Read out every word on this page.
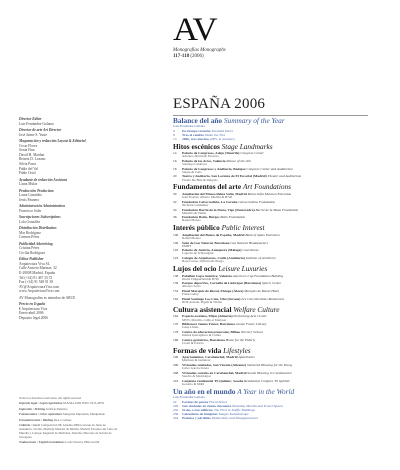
AV
Monografías Monographs
117-118 (2006)
ESPAÑA 2006
Director Editor
Luis Fernández-Galiano
Director de arte Art Director
José Jaime S. Yuste
Maquetación y redacción Layout & Editorial
Cecar Flores
Sonia Fina
David H. Mardan
Beatriz D. Lozano
Silvia Parra
Pablo del Val
Pablo Oriol
Ayudante de redacción Assistant
Laura Mulas
Producción Production
Laura González
Jesús Paunero
Administración Administration
Francisco Soler
Suscripciones Subscriptions
Lola González
Distribución Distribution
Mar Rodríguez
Carmen Pérez
Publicidad Advertising
Cristina Pérez
Cecilia Rodríguez
Editor Publisher
Arquitectura Viva SL
Calle Aniceto Marinas, 32
E-28008 Madrid, España
Tel (+34) 91 467 33 72
Fax (+34) 91 548 01 39
AV@ArquitecturaViva.com
www.ArquitecturaViva.com
AV Monografías es miembro de ARCE
Precio en España
€ Arquitectura Viva
Enero-abril 2006
Deposito legal 2006

Todos los derechos reservados. All rights reserved

Depósito legal / Legal registration M-8.944-1984 ISSN: 0213-487X

Impresión / Printing Gráficas Palermo

Fotomecánica / Color separations Margarita Impresión, Manipulado

Encuadernación / Binding Ra-Lo Gómez

Cubierta / Cover Composición 08, Ariadna 2006 (cortesía de Junta de Andalucía, Sevilla, Madrid); Mirador de Mérida, Madrid; Escalera del Cubo de Muralla y Consejo Regional de Medicina, Tenerife; Mercado de Sobrón de Tarragona

Traducciones / English translations Lorna Weaver, Hilie Gurlitt

Balance del año Summary of the Year
Luis Fernández-Galiano
4	En tiempo revuelto Troubled Times
8	Tras el cambio Shake the Tree
13	2006, tras muchos 2005, in summary
Hitos escénicos Stage Landmarks
14	Palacio de Congresos, Adeje (Tenerife) Congress Center
Arbeiter, Martín & Potrecio
16	Palacio de las Artes, Valencia Palace of the Arts
Santiago Calatrava
18	Palacio de Congresos y Auditorio, Badajoz Congress Center and Auditorium
Selgas & Cano
20	Teatro y Auditorio, San Lorenzo de El Escorial (Madrid) Theater and Auditorium
Picado De Blas & Delgado
Fundamentos del arte Art Foundations
30	Ampliación del Museo Reina Sofía, Madrid Reina Sofía Museum Extension
Jean Nouvel, Alberto Medina & B720
32	Fundación Caixa Galicia, La Coruña Caixa Galicia Foundation
Nicholas Grimshaw
34	Fundación Barrié de la Maza, Vigo (Pontevedra) Barrié de la Maza Foundation
Mansilla & Tuñón
36	Fundación Botín, Burgos Botín Foundation
Rafael Moneo
Interés público Public Interest
100	Ampliación del Banco de España, Madrid Bank of Spain Extension
Rafael Moneo
106	Sede de Gas Natural, Barcelona Gas Natural Headquarters
EMBT
116	Palacio de Justicia, Antequera (Málaga) Courthouse
Logroño & Schreurgam
122	Colegio de Arquitectos, Cádiz (Andalucía) Institute of Architects
Bosé Larrea, Oliveira & Ortega
Lujos del ocio Leisure Luxuries
138	Pabellón Copa América, Valencia America's Cup Foundation Building
David Chipperfield & B720
139	Parque deportivo, Cornellà de Llobregat (Barcelona) Sports Center
Alfonso Soria
152	Hotel Marqués de Riscal, Elciego (Álava) Marqués de Riscal Hotel
Frank Gehry
162	Hotel Santiago Los Colo, Olot (Girona) Les Cols Pavilions Restaurant
RCR Aranda, Pigem & Vilalta
Cultura asistencial Welfare Culture
162	Espacio escénico, Mijas (Almería) Performing Arts Center
MVN, Marcilio, Gilis et Marisset
170	Biblioteca Jaume Fuster, Barcelona Jaume Fuster Library
Josep Llinàs
178	Centro de educación preescolar, Bilbao Nursery School
Imanol Iparraguirre & Calder
186	Centro geriátrico, Barcelona Home for the Elderly
Clotet & Paricio
Formas de vida Lifestyles
196	Apartamentos, Carabanchel, Madrid Apartments
Martínez & Gutiérrez
200	Viviendas tuteladas, San Vicente (Alicante) Sheltered Housing for the Young
Javier García-Solera
208	Viviendas sociales en Carabanchel, Madrid Social Housing in Carabanchel
Sancho & Madridejos
216	Conjunto residencial 'El Quiñón', Seseña Residential Complex 'El Quiñón'
Gerardo & Máfil
Un año en el mundo A Year in the World
Luis Fernández-Galiano
22	Formas de poesía Fiscal Issues
226	Seis ciudades en ciento cincuenta Yesterday Months and Travel Spaces
232	Si dos o tres edificios The First in Traffic Buildings
236	Calendario de imágenes Images Kaleidoscope
244	Premios y pérdidas Distinctions and Disappearances
